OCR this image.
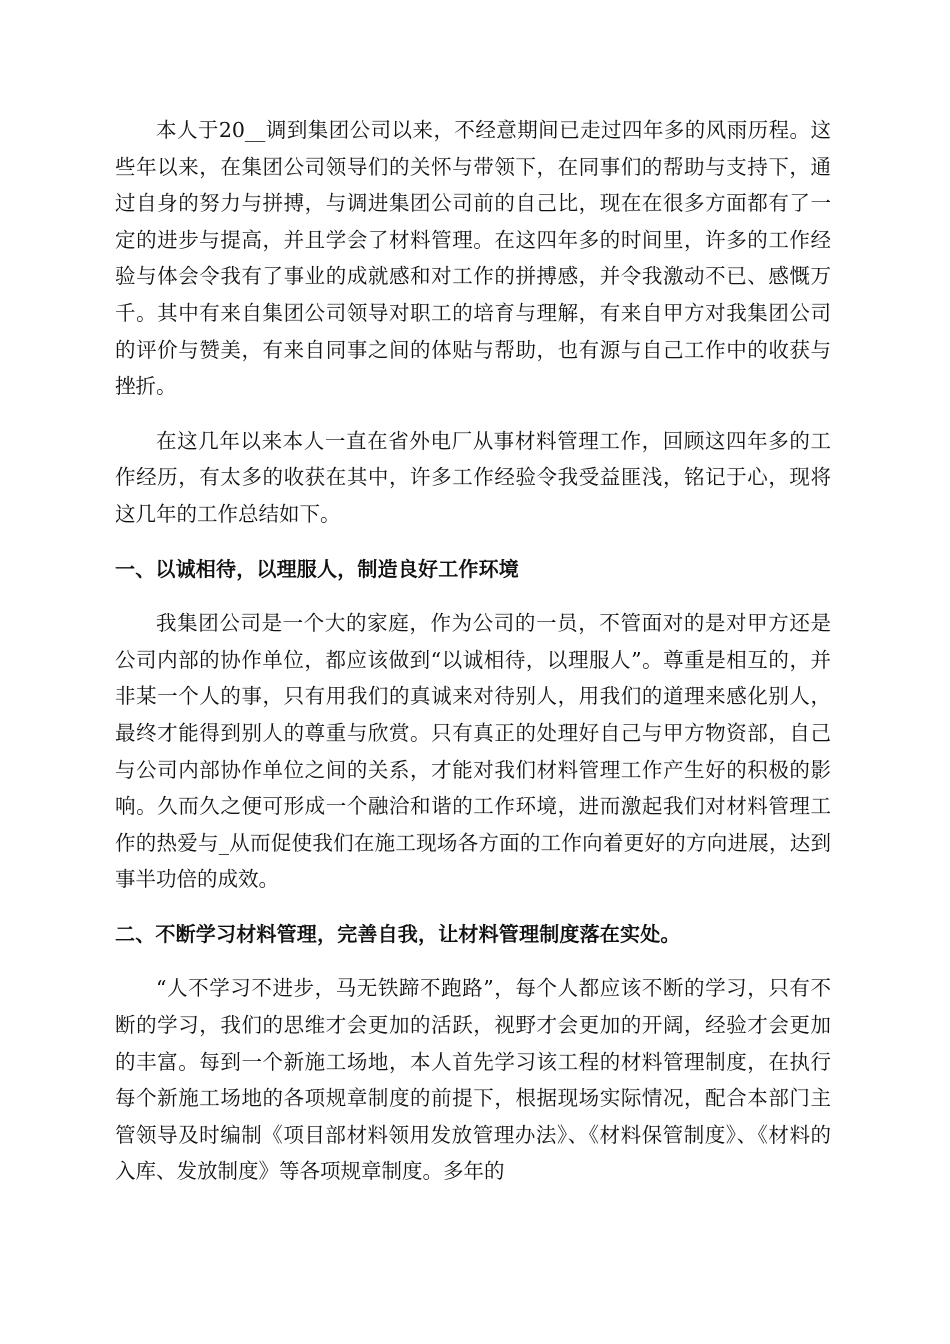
本人于20__调到集团公司以来，不经意期间已走过四年多的风雨历程。这些年以来，在集团公司领导们的关怀与带领下，在同事们的帮助与支持下，通过自身的努力与拼搏，与调进集团公司前的自己比，现在在很多方面都有了一定的进步与提高，并且学会了材料管理。在这四年多的时间里，许多的工作经验与体会令我有了事业的成就感和对工作的拼搏感，并令我激动不已、感慨万千。其中有来自集团公司领导对职工的培育与理解，有来自甲方对我集团公司的评价与赞美，有来自同事之间的体贴与帮助，也有源与自己工作中的收获与挫折。

在这几年以来本人一直在省外电厂从事材料管理工作，回顾这四年多的工作经历，有太多的收获在其中，许多工作经验令我受益匪浅，铭记于心，现将这几年的工作总结如下。

一、以诚相待，以理服人，制造良好工作环境

我集团公司是一个大的家庭，作为公司的一员，不管面对的是对甲方还是公司内部的协作单位，都应该做到“以诚相待，以理服人”。尊重是相互的，并非某一个人的事，只有用我们的真诚来对待别人，用我们的道理来感化别人，最终才能得到别人的尊重与欣赏。只有真正的处理好自己与甲方物资部，自己与公司内部协作单位之间的关系，才能对我们材料管理工作产生好的积极的影响。久而久之便可形成一个融洽和谐的工作环境，进而激起我们对材料管理工作的热爱与_从而促使我们在施工现场各方面的工作向着更好的方向进展，达到事半功倍的成效。

二、不断学习材料管理，完善自我，让材料管理制度落在实处。

“人不学习不进步，马无铁蹄不跑路”，每个人都应该不断的学习，只有不断的学习，我们的思维才会更加的活跃，视野才会更加的开阔，经验才会更加的丰富。每到一个新施工场地，本人首先学习该工程的材料管理制度，在执行每个新施工场地的各项规章制度的前提下，根据现场实际情况，配合本部门主管领导及时编制《项目部材料领用发放管理办法》、《材料保管制度》、《材料的入库、发放制度》等各项规章制度。多年的
